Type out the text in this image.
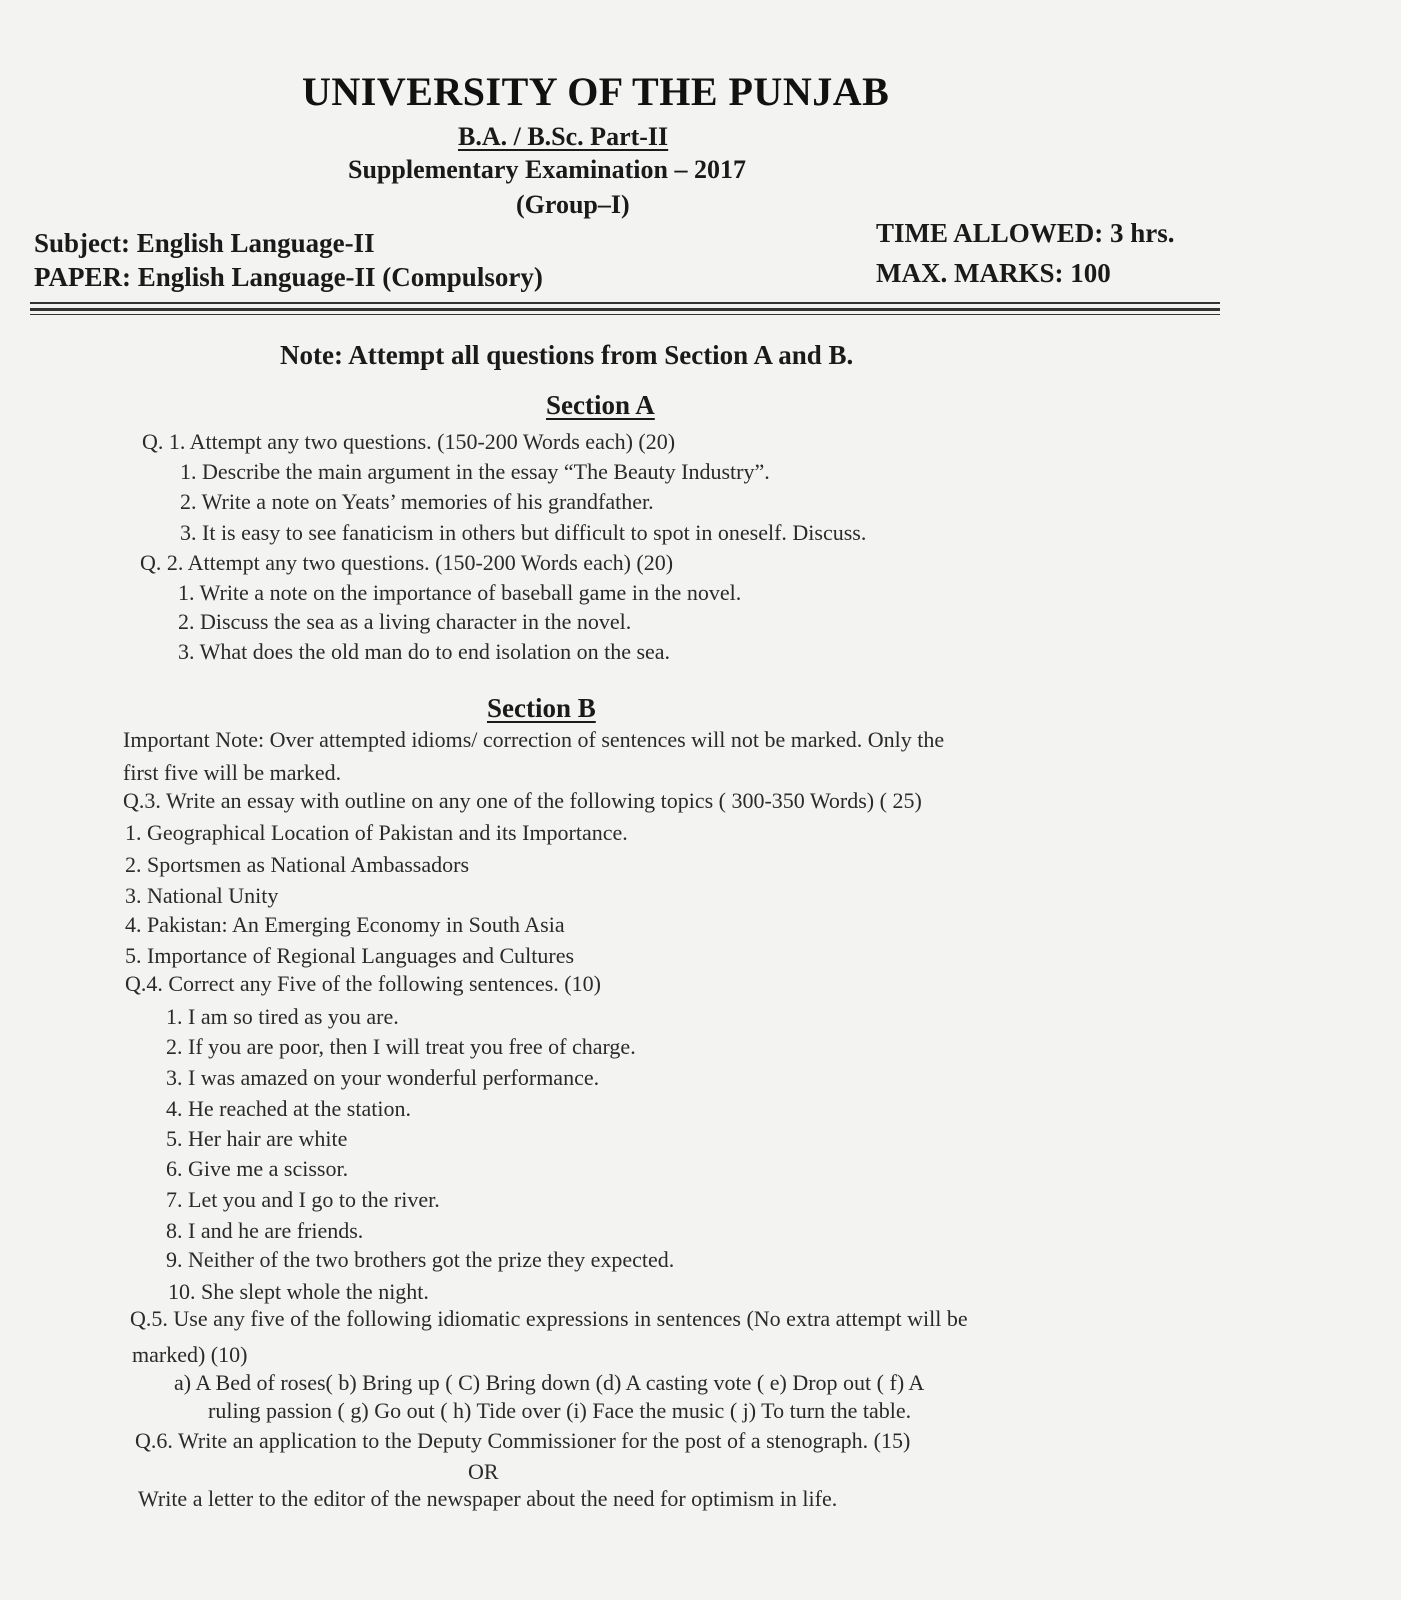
UNIVERSITY OF THE PUNJAB
B.A. / B.Sc. Part-II
Supplementary Examination – 2017
(Group–I)
Subject: English Language-II
PAPER: English Language-II (Compulsory)
TIME ALLOWED: 3 hrs.
MAX. MARKS: 100
Note: Attempt all questions from Section A and B.
Section A
Q. 1. Attempt any two questions. (150-200 Words each) (20)
1. Describe the main argument in the essay “The Beauty Industry”.
2. Write a note on Yeats’ memories of his grandfather.
3. It is easy to see fanaticism in others but difficult to spot in oneself. Discuss.
Q. 2. Attempt any two questions. (150-200 Words each) (20)
1. Write a note on the importance of baseball game in the novel.
2. Discuss the sea as a living character in the novel.
3. What does the old man do to end isolation on the sea.
Section B
Important Note: Over attempted idioms/ correction of sentences will not be marked. Only the
first five will be marked.
Q.3. Write an essay with outline on any one of the following topics ( 300-350 Words) ( 25)
1. Geographical Location of Pakistan and its Importance.
2. Sportsmen as National Ambassadors
3. National Unity
4. Pakistan: An Emerging Economy in South Asia
5. Importance of Regional Languages and Cultures
Q.4. Correct any Five of the following sentences. (10)
1. I am so tired as you are.
2. If you are poor, then I will treat you free of charge.
3. I was amazed on your wonderful performance.
4. He reached at the station.
5. Her hair are white
6. Give me a scissor.
7. Let you and I go to the river.
8. I and he are friends.
9. Neither of the two brothers got the prize they expected.
10. She slept whole the night.
Q.5. Use any five of the following idiomatic expressions in sentences (No extra attempt will be
marked) (10)
a) A Bed of roses( b) Bring up ( C) Bring down (d) A casting vote ( e) Drop out ( f) A
ruling passion ( g) Go out ( h) Tide over (i) Face the music ( j) To turn the table.
Q.6. Write an application to the Deputy Commissioner for the post of a stenograph. (15)
OR
Write a letter to the editor of the newspaper about the need for optimism in life.
